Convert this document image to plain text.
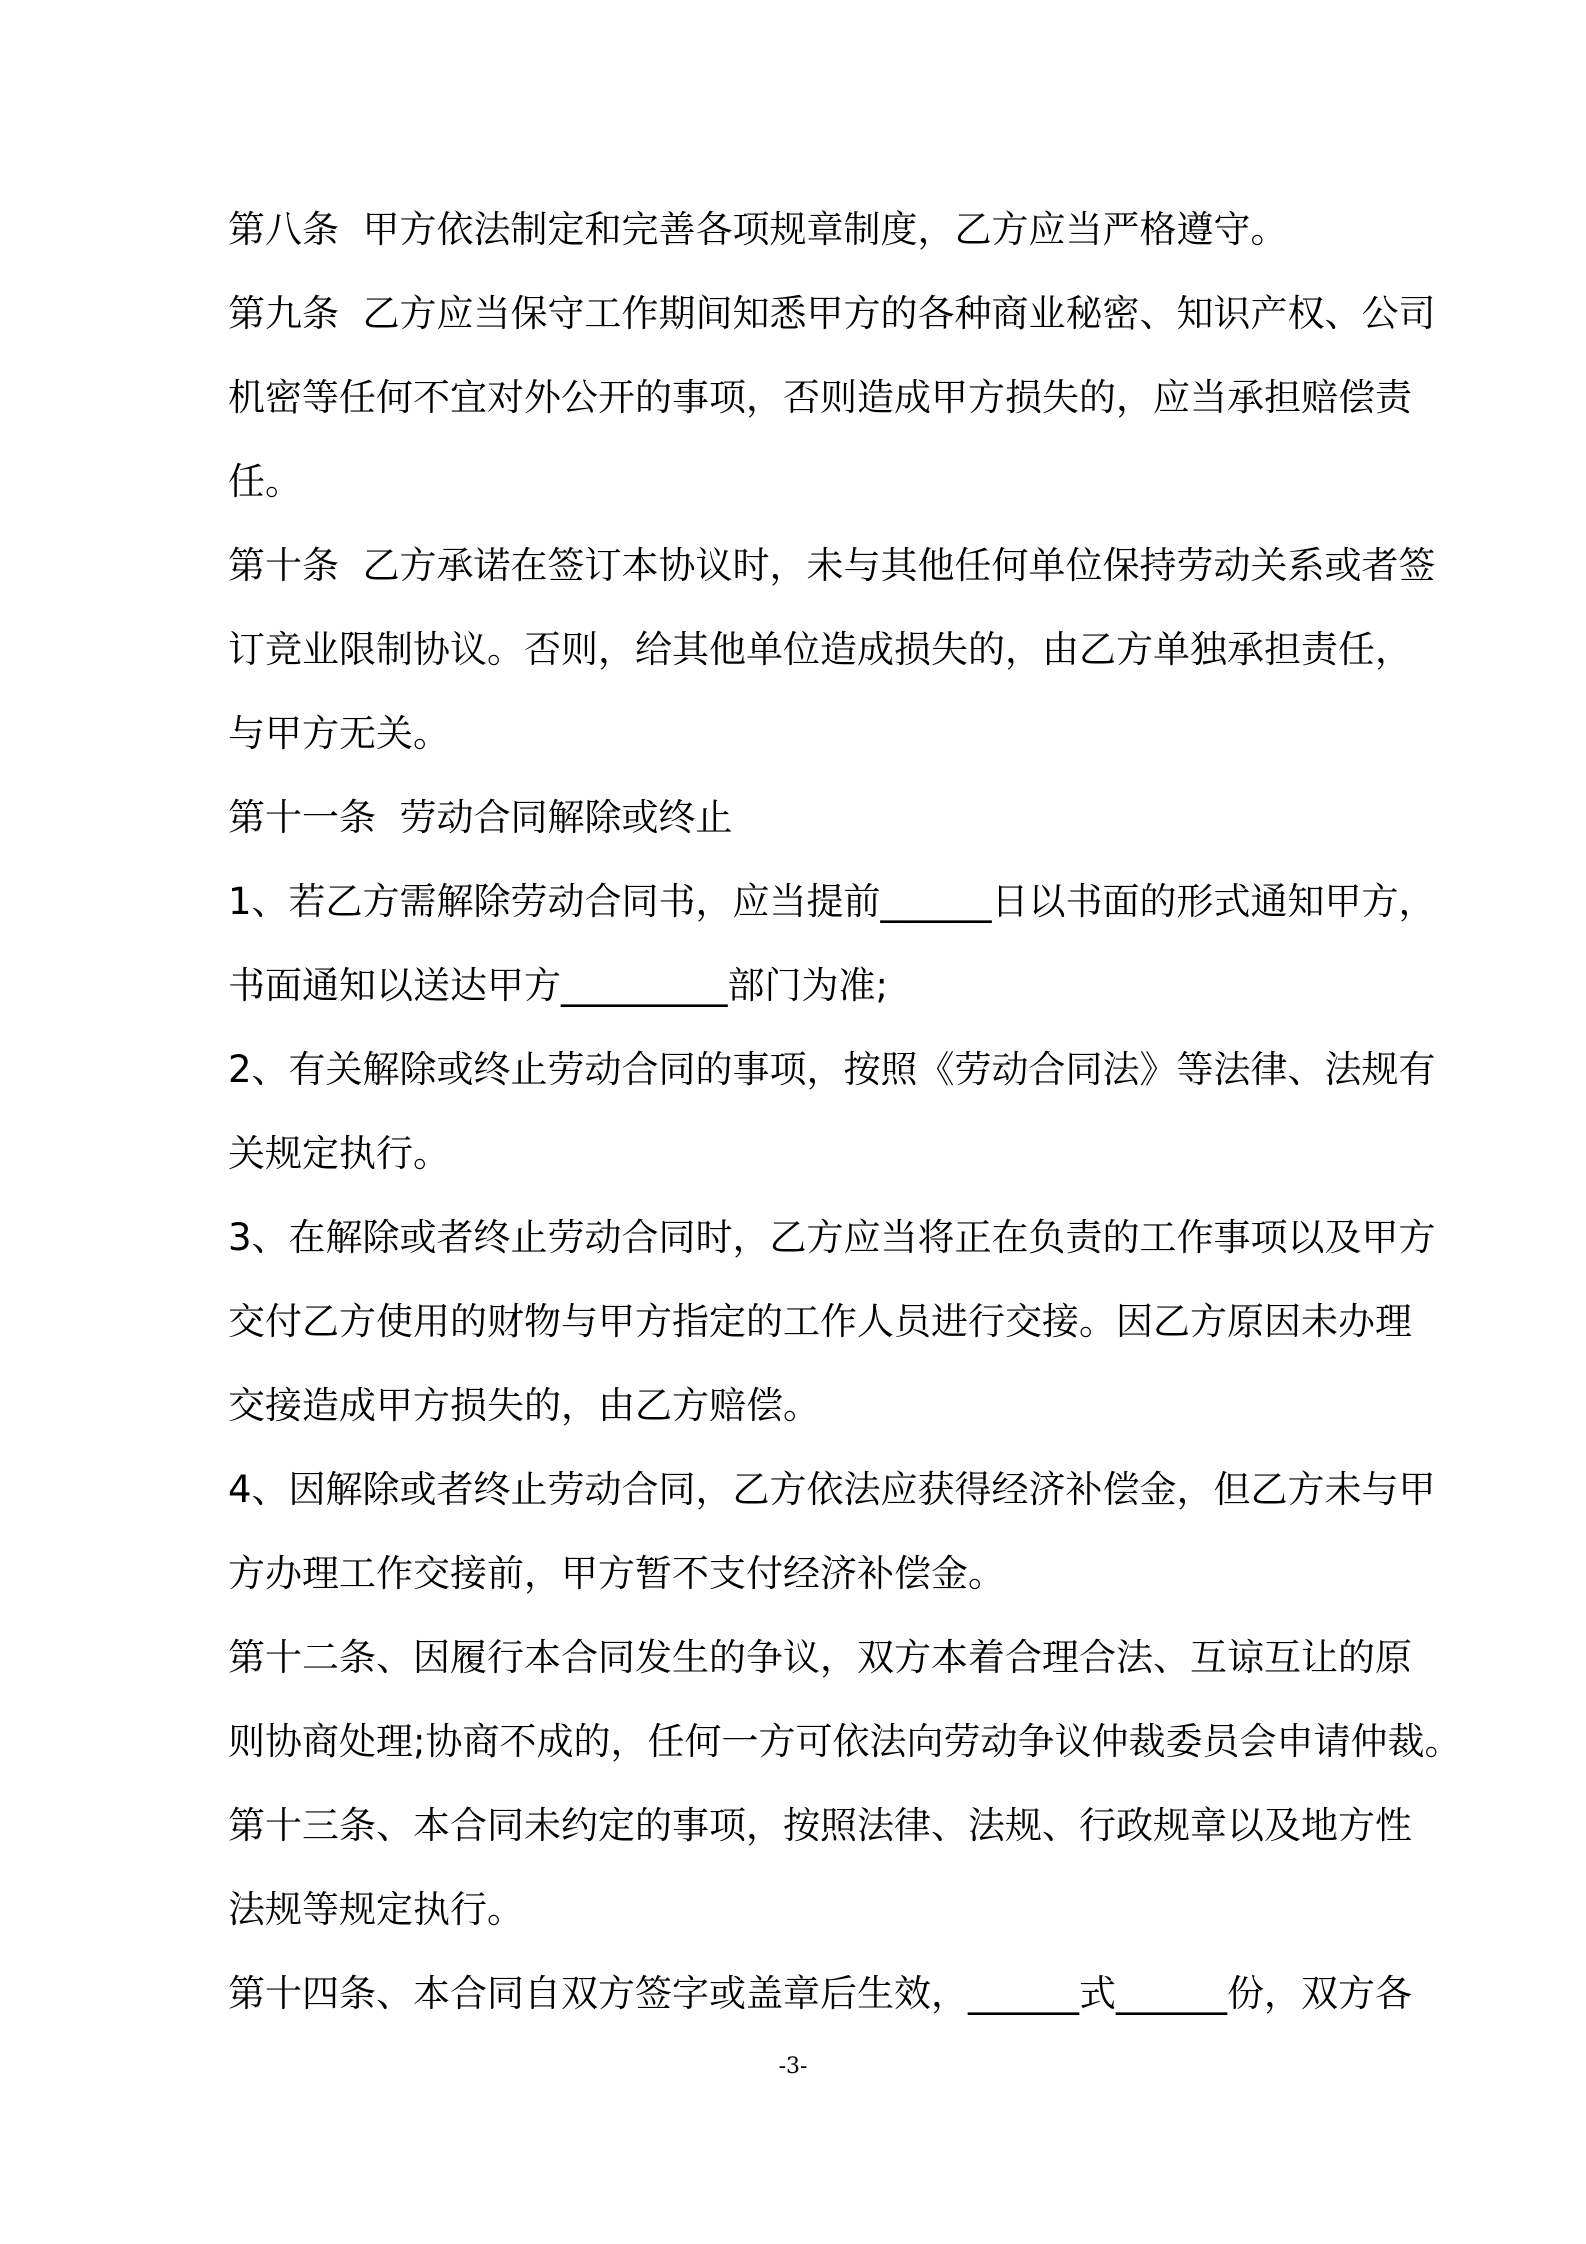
第八条  甲方依法制定和完善各项规章制度，乙方应当严格遵守。
第九条  乙方应当保守工作期间知悉甲方的各种商业秘密、知识产权、公司
机密等任何不宜对外公开的事项，否则造成甲方损失的，应当承担赔偿责
任。
第十条  乙方承诺在签订本协议时，未与其他任何单位保持劳动关系或者签
订竞业限制协议。否则，给其他单位造成损失的，由乙方单独承担责任，
与甲方无关。
第十一条  劳动合同解除或终止
1、若乙方需解除劳动合同书，应当提前______日以书面的形式通知甲方，
书面通知以送达甲方_________部门为准;
2、有关解除或终止劳动合同的事项，按照《劳动合同法》等法律、法规有
关规定执行。
3、在解除或者终止劳动合同时，乙方应当将正在负责的工作事项以及甲方
交付乙方使用的财物与甲方指定的工作人员进行交接。因乙方原因未办理
交接造成甲方损失的，由乙方赔偿。
4、因解除或者终止劳动合同，乙方依法应获得经济补偿金，但乙方未与甲
方办理工作交接前，甲方暂不支付经济补偿金。
第十二条、因履行本合同发生的争议，双方本着合理合法、互谅互让的原
则协商处理;协商不成的，任何一方可依法向劳动争议仲裁委员会申请仲裁。
第十三条、本合同未约定的事项，按照法律、法规、行政规章以及地方性
法规等规定执行。
第十四条、本合同自双方签字或盖章后生效，______式______份，双方各
-3-
